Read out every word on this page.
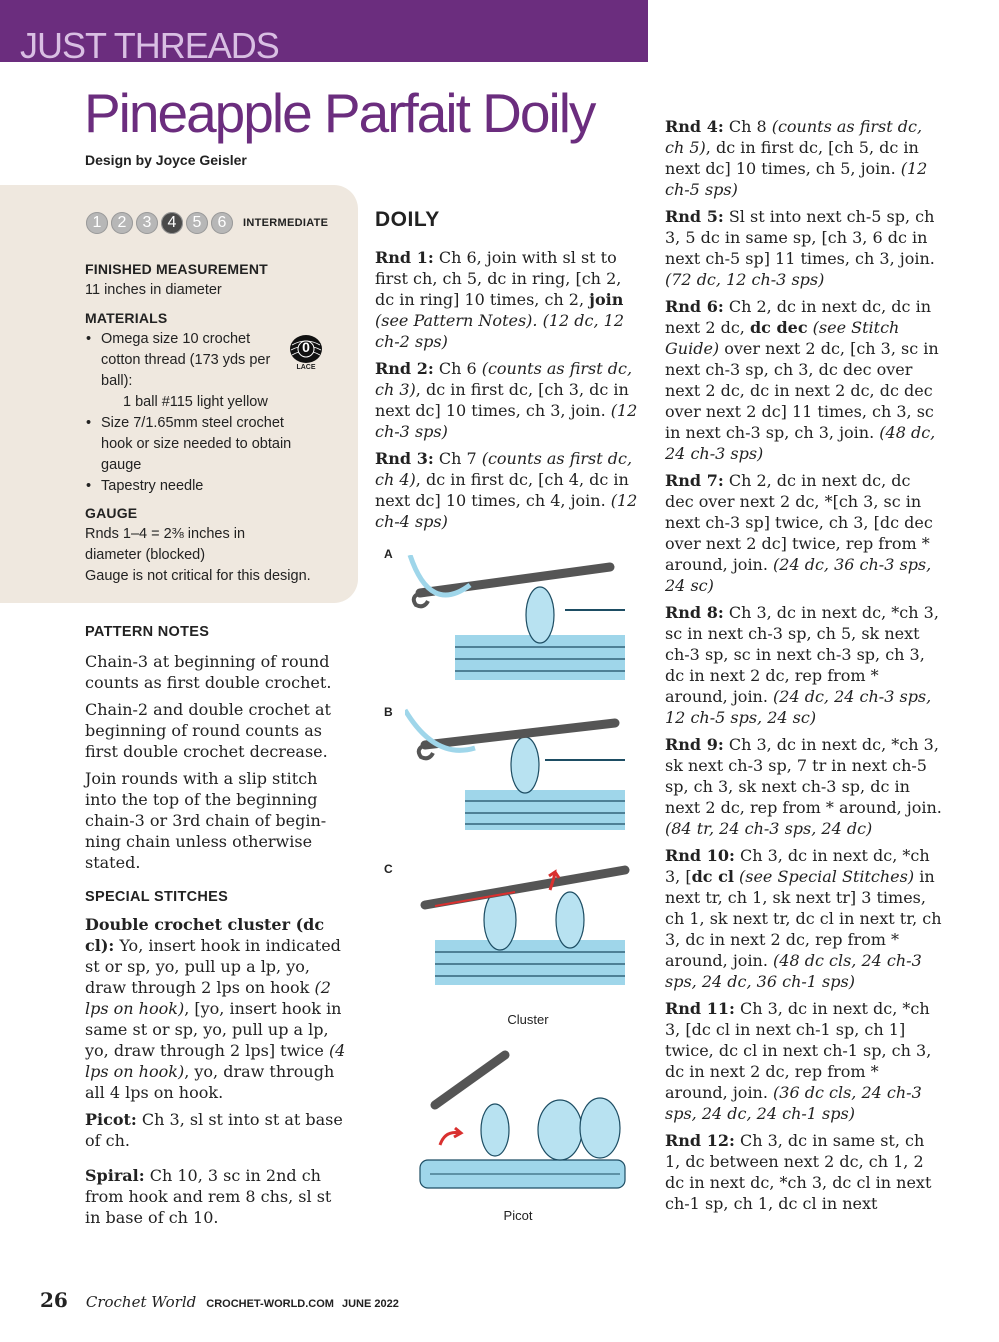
JUST THREADS
Pineapple Parfait Doily
Design by Joyce Geisler
1	2	3	4	5	6	INTERMEDIATE
FINISHED MEASUREMENT
11 inches in diameter
MATERIALS
• Omega size 10 crochet cotton thread (173 yds per ball):
1 ball #115 light yellow
• Size 7/1.65mm steel crochet hook or size needed to obtain gauge
• Tapestry needle
0
LACE
GAUGE
Rnds 1–4 = 2⅜ inches in diameter (blocked)
Gauge is not critical for this design.

PATTERN NOTES

Chain-3 at beginning of round counts as first double crochet.

Chain-2 and double crochet at beginning of round counts as first double crochet decrease.

Join rounds with a slip stitch into the top of the beginning chain-3 or 3rd chain of begin-ning chain unless otherwise stated.

SPECIAL STITCHES

Double crochet cluster (dc cl): Yo, insert hook in indicated st or sp, yo, pull up a lp, yo, draw through 2 lps on hook (2 lps on hook), [yo, insert hook in same st or sp, yo, pull up a lp, yo, draw through 2 lps] twice (4 lps on hook), yo, draw through all 4 lps on hook.

Picot: Ch 3, sl st into st at base of ch.

Spiral: Ch 10, 3 sc in 2nd ch from hook and rem 8 chs, sl st in base of ch 10.

DOILY

Rnd 1: Ch 6, join with sl st to first ch, ch 5, dc in ring, [ch 2, dc in ring] 10 times, ch 2, join (see Pattern Notes). (12 dc, 12 ch-2 sps)

Rnd 2: Ch 6 (counts as first dc, ch 3), dc in first dc, [ch 3, dc in next dc] 10 times, ch 3, join. (12 ch-3 sps)

Rnd 3: Ch 7 (counts as first dc, ch 4), dc in first dc, [ch 4, dc in next dc] 10 times, ch 4, join. (12 ch-4 sps)

A
B
C
Cluster
Picot

Rnd 4: Ch 8 (counts as first dc, ch 5), dc in first dc, [ch 5, dc in next dc] 10 times, ch 5, join. (12 ch-5 sps)

Rnd 5: Sl st into next ch-5 sp, ch 3, 5 dc in same sp, [ch 3, 6 dc in next ch-5 sp] 11 times, ch 3, join. (72 dc, 12 ch-3 sps)

Rnd 6: Ch 2, dc in next dc, dc in next 2 dc, dc dec (see Stitch Guide) over next 2 dc, [ch 3, sc in next ch-3 sp, ch 3, dc dec over next 2 dc, dc in next 2 dc, dc dec over next 2 dc] 11 times, ch 3, sc in next ch-3 sp, ch 3, join. (48 dc, 24 ch-3 sps)

Rnd 7: Ch 2, dc in next dc, dc dec over next 2 dc, *[ch 3, sc in next ch-3 sp] twice, ch 3, [dc dec over next 2 dc] twice, rep from * around, join. (24 dc, 36 ch-3 sps, 24 sc)

Rnd 8: Ch 3, dc in next dc, *ch 3, sc in next ch-3 sp, ch 5, sk next ch-3 sp, sc in next ch-3 sp, ch 3, dc in next 2 dc, rep from * around, join. (24 dc, 24 ch-3 sps, 12 ch-5 sps, 24 sc)

Rnd 9: Ch 3, dc in next dc, *ch 3, sk next ch-3 sp, 7 tr in next ch-5 sp, ch 3, sk next ch-3 sp, dc in next 2 dc, rep from * around, join. (84 tr, 24 ch-3 sps, 24 dc)

Rnd 10: Ch 3, dc in next dc, *ch 3, [dc cl (see Special Stitches) in next tr, ch 1, sk next tr] 3 times, ch 1, sk next tr, dc cl in next tr, ch 3, dc in next 2 dc, rep from * around, join. (48 dc cls, 24 ch-3 sps, 24 dc, 36 ch-1 sps)

Rnd 11: Ch 3, dc in next dc, *ch 3, [dc cl in next ch-1 sp, ch 1] twice, dc cl in next ch-1 sp, ch 3, dc in next 2 dc, rep from * around, join. (36 dc cls, 24 ch-3 sps, 24 dc, 24 ch-1 sps)

Rnd 12: Ch 3, dc in same st, ch 1, dc between next 2 dc, ch 1, 2 dc in next dc, *ch 3, dc cl in next ch-1 sp, ch 1, dc cl in next

26 Crochet World CROCHET-WORLD.COM JUNE 2022
